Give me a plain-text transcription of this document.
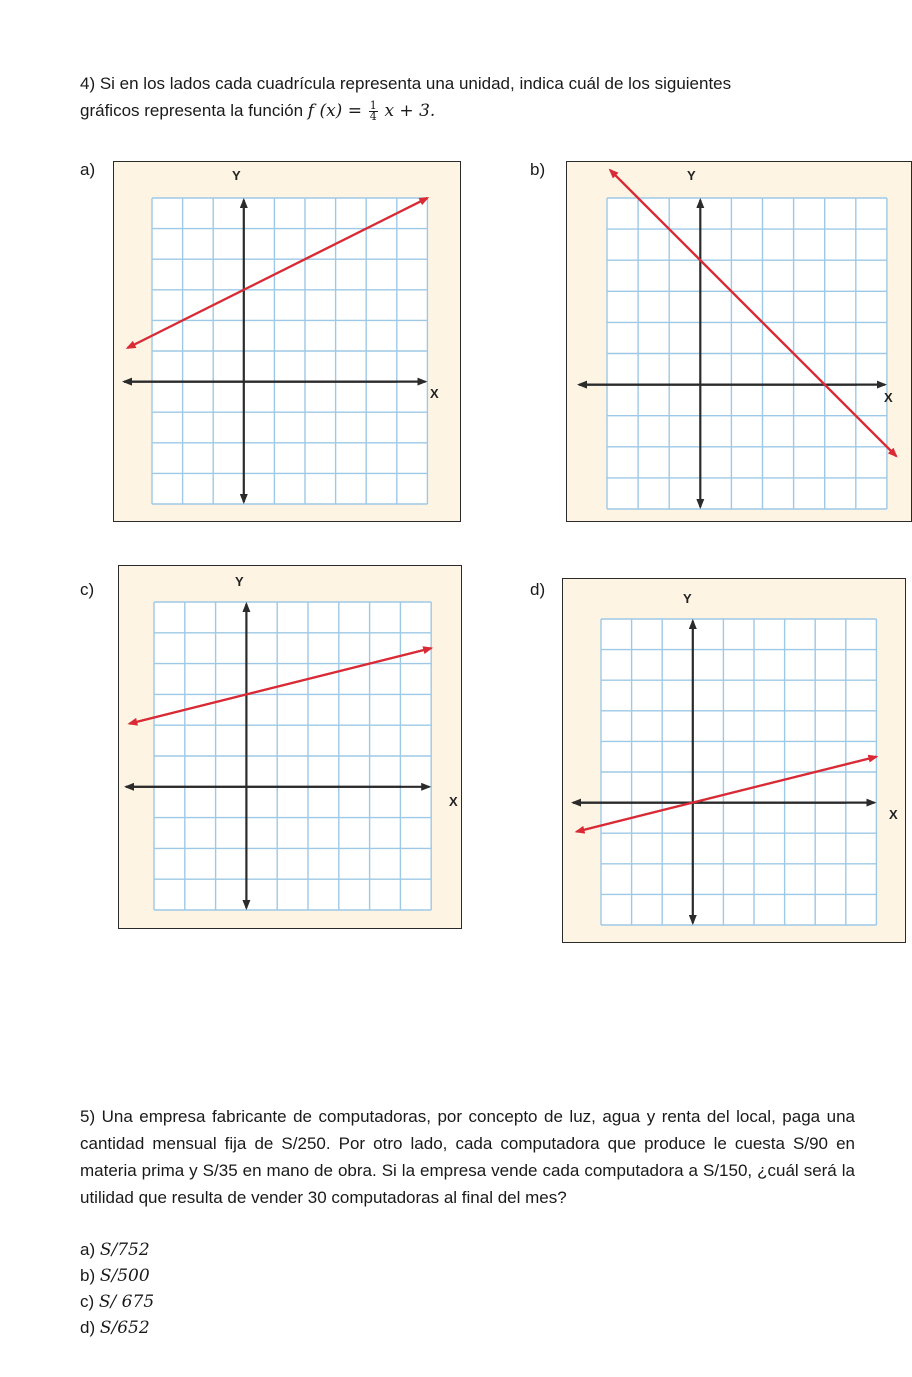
4) Si en los lados cada cuadrícula representa una unidad, indica cuál de los siguientes
gráficos representa la función f $(x) = \frac{1}{4}$ x + 3.
a)	b)
c)	d)
X
Y
X
Y
X
Y
X
Y
5) Una empresa fabricante de computadoras, por concepto de luz, agua y renta del local, paga una cantidad mensual fija de S/250. Por otro lado, cada computadora que produce le cuesta S/90 en materia prima y S/35 en mano de obra. Si la empresa vende cada computadora a S/150, ¿cuál será la utilidad que resulta de vender 30 computadoras al final del mes?
a) S/752
b) S/500
c) S/ 675
d) S/652
